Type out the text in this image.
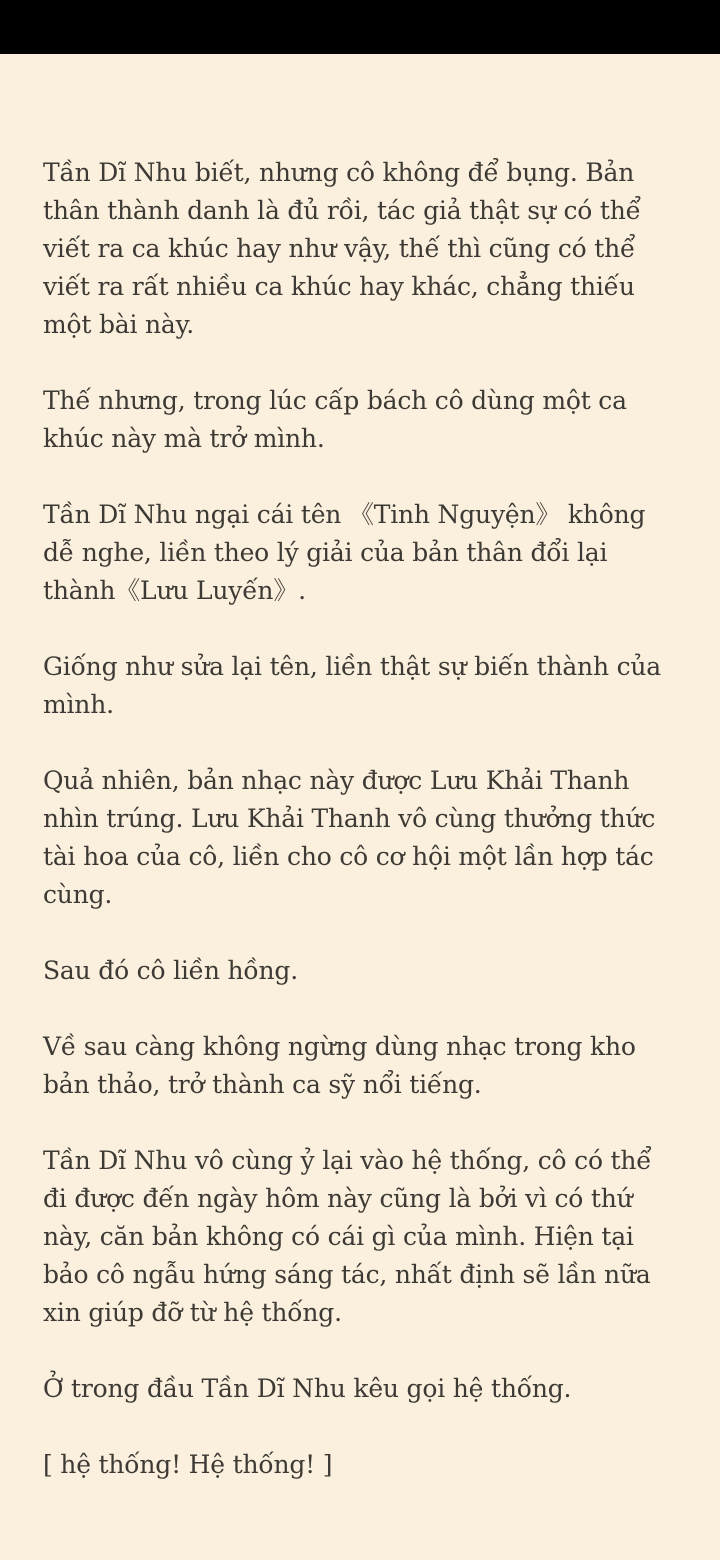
Tần Dĩ Nhu biết, nhưng cô không để bụng. Bản thân thành danh là đủ rồi, tác giả thật sự có thể viết ra ca khúc hay như vậy, thế thì cũng có thể viết ra rất nhiều ca khúc hay khác, chẳng thiếu một bài này.

Thế nhưng, trong lúc cấp bách cô dùng một ca khúc này mà trở mình.

Tần Dĩ Nhu ngại cái tên 《Tinh Nguyện》 không dễ nghe, liền theo lý giải của bản thân đổi lại thành《Lưu Luyến》.

Giống như sửa lại tên, liền thật sự biến thành của mình.

Quả nhiên, bản nhạc này được Lưu Khải Thanh nhìn trúng. Lưu Khải Thanh vô cùng thưởng thức tài hoa của cô, liền cho cô cơ hội một lần hợp tác cùng.

Sau đó cô liền hồng.

Về sau càng không ngừng dùng nhạc trong kho bản thảo, trở thành ca sỹ nổi tiếng.

Tần Dĩ Nhu vô cùng ỷ lại vào hệ thống, cô có thể đi được đến ngày hôm này cũng là bởi vì có thứ này, căn bản không có cái gì của mình. Hiện tại bảo cô ngẫu hứng sáng tác, nhất định sẽ lần nữa xin giúp đỡ từ hệ thống.

Ở trong đầu Tần Dĩ Nhu kêu gọi hệ thống.

[ hệ thống! Hệ thống! ]
